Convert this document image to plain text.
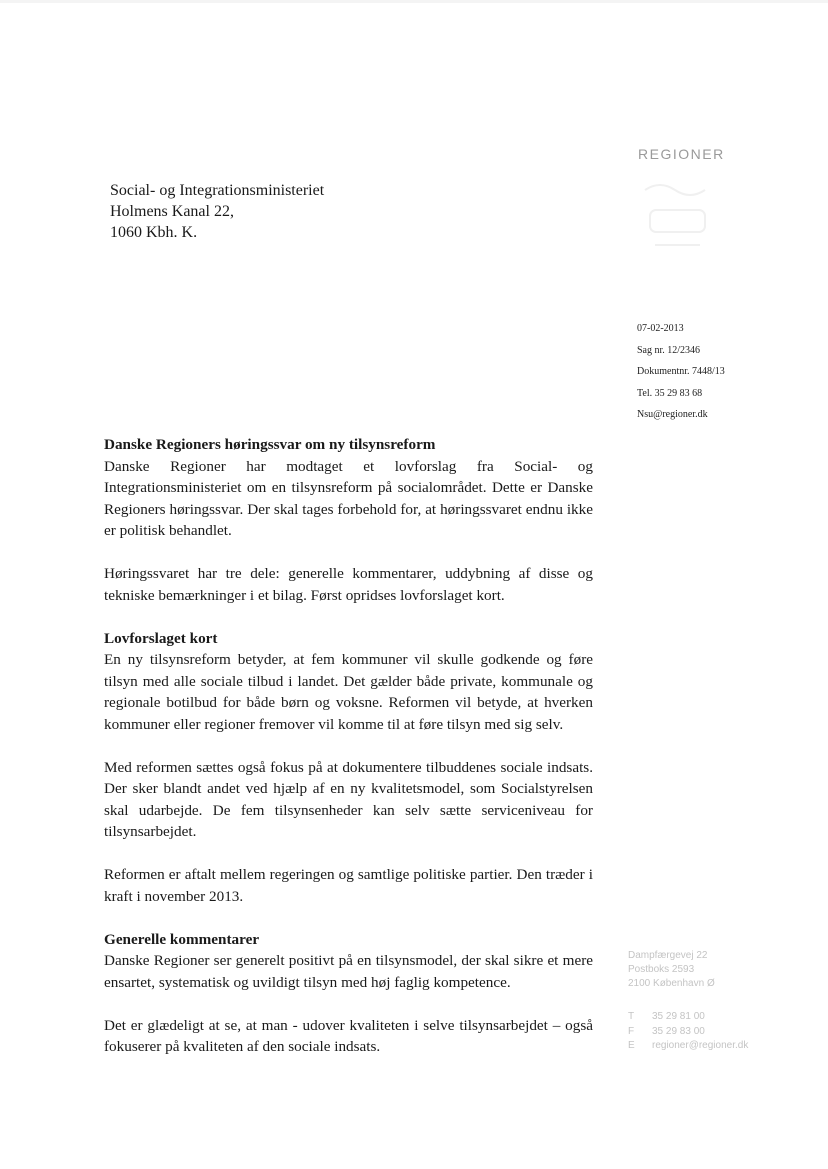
REGIONER
Social- og Integrationsministeriet
Holmens Kanal 22,
1060 Kbh. K.
07-02-2013
Sag nr. 12/2346
Dokumentnr. 7448/13
Tel. 35 29 83 68
Nsu@regioner.dk
Danske Regioners høringssvar om ny tilsynsreform

Danske Regioner har modtaget et lovforslag fra Social- og Integrationsministeriet om en tilsynsreform på socialområdet. Dette er Danske Regioners høringssvar. Der skal tages forbehold for, at høringssvaret endnu ikke er politisk behandlet.

Høringssvaret har tre dele: generelle kommentarer, uddybning af disse og tekniske bemærkninger i et bilag. Først opridses lovforslaget kort.

Lovforslaget kort

En ny tilsynsreform betyder, at fem kommuner vil skulle godkende og føre tilsyn med alle sociale tilbud i landet. Det gælder både private, kommunale og regionale botilbud for både børn og voksne. Reformen vil betyde, at hverken kommuner eller regioner fremover vil komme til at føre tilsyn med sig selv.

Med reformen sættes også fokus på at dokumentere tilbuddenes sociale indsats. Der sker blandt andet ved hjælp af en ny kvalitetsmodel, som Socialstyrelsen skal udarbejde. De fem tilsynsenheder kan selv sætte serviceniveau for tilsynsarbejdet.

Reformen er aftalt mellem regeringen og samtlige politiske partier. Den træder i kraft i november 2013.

Generelle kommentarer

Danske Regioner ser generelt positivt på en tilsynsmodel, der skal sikre et mere ensartet, systematisk og uvildigt tilsyn med høj faglig kompetence.

Det er glædeligt at se, at man - udover kvaliteten i selve tilsynsarbejdet – også fokuserer på kvaliteten af den sociale indsats.

Dampfærgevej 22
Postboks 2593
2100 København Ø
T 35 29 81 00
F 35 29 83 00
E regioner@regioner.dk
